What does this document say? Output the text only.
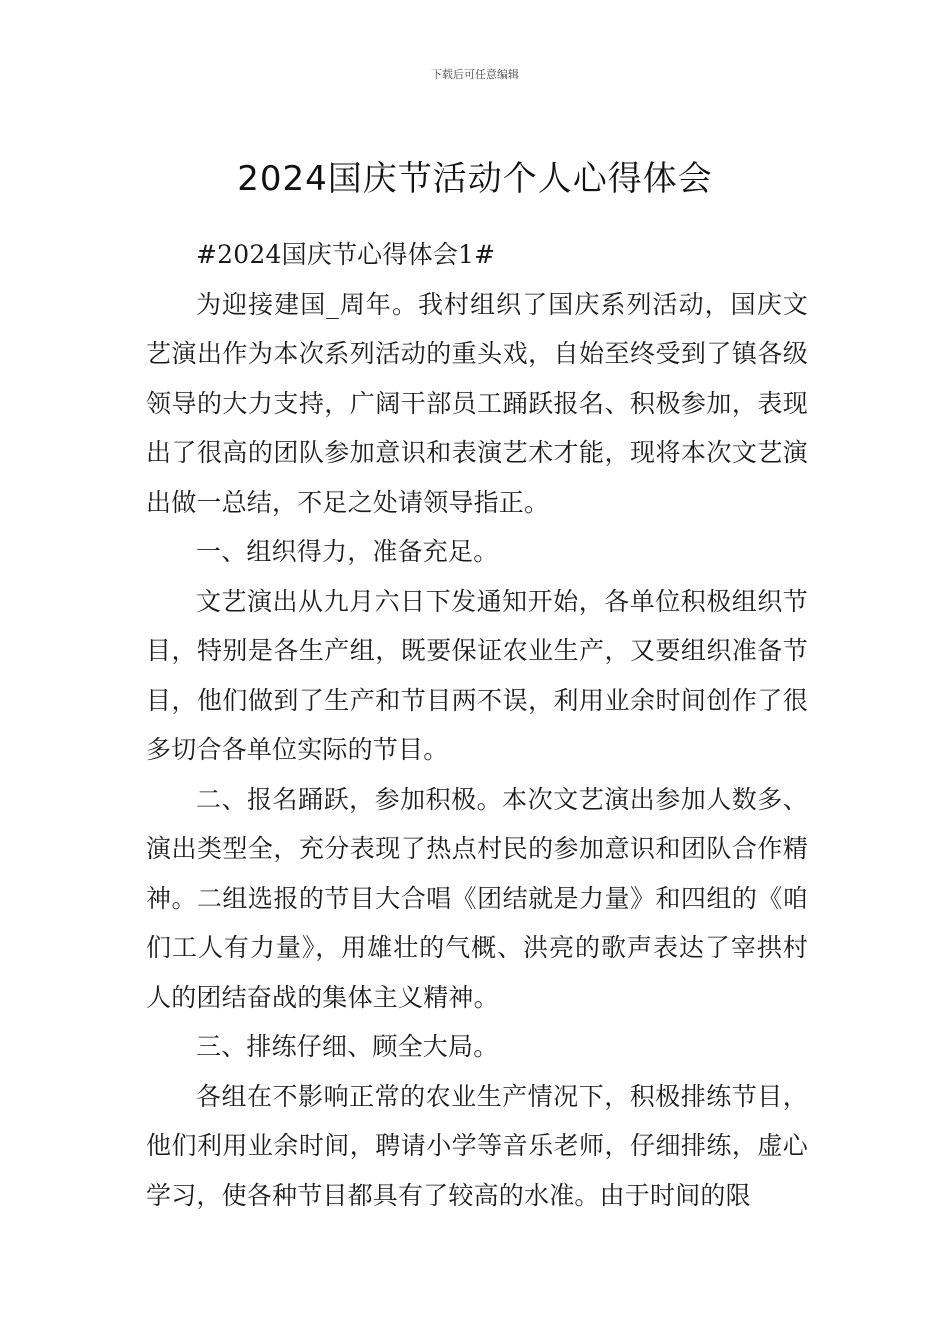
下载后可任意编辑
2024国庆节活动个人心得体会

#2024国庆节心得体会1#

为迎接建国_周年。我村组织了国庆系列活动，国庆文艺演出作为本次系列活动的重头戏，自始至终受到了镇各级领导的大力支持，广阔干部员工踊跃报名、积极参加，表现出了很高的团队参加意识和表演艺术才能，现将本次文艺演出做一总结，不足之处请领导指正。

一、组织得力，准备充足。

文艺演出从九月六日下发通知开始，各单位积极组织节目，特别是各生产组，既要保证农业生产，又要组织准备节目，他们做到了生产和节目两不误，利用业余时间创作了很多切合各单位实际的节目。

二、报名踊跃，参加积极。本次文艺演出参加人数多、演出类型全，充分表现了热点村民的参加意识和团队合作精神。二组选报的节目大合唱《团结就是力量》和四组的《咱们工人有力量》，用雄壮的气概、洪亮的歌声表达了宰拱村人的团结奋战的集体主义精神。

三、排练仔细、顾全大局。

各组在不影响正常的农业生产情况下，积极排练节目，他们利用业余时间，聘请小学等音乐老师，仔细排练，虚心学习，使各种节目都具有了较高的水准。由于时间的限
